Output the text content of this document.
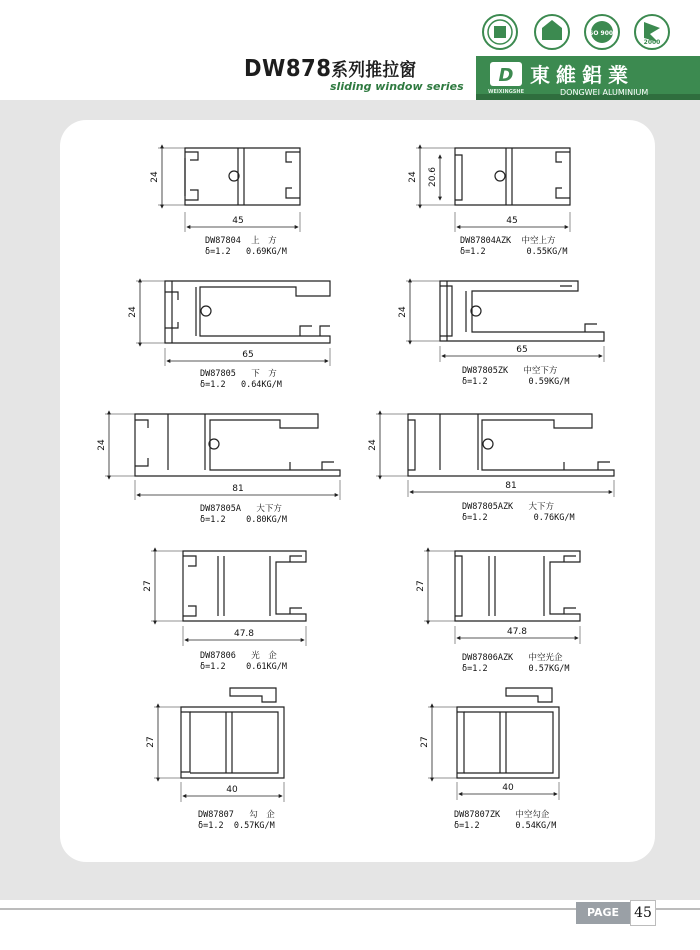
ISO 9001
2000
DW878系列推拉窗
sliding window series
D 東維鋁業
WEIXINGSHE	DONGWEI ALUMINIUM
45
24
45
24 20.6
65
24
65
24
81
24
81
24
47.8
27
47.8
27
40
27
40
27
DW87804 上　方
δ=1.2 0.69KG/M
DW87804AZK 中空上方
δ=1.2	0.55KG/M
DW87805 下　方
δ=1.2 0.64KG/M
DW87805ZK 中空下方
δ=1.2	0.59KG/M
DW87805A 大下方
δ=1.2 0.80KG/M
DW87805AZK 大下方
δ=1.2	0.76KG/M
DW87806 光　企
δ=1.2 0.61KG/M
DW87806AZK 中空光企
δ=1.2	0.57KG/M
DW87807 勾　企
δ=1.2 0.57KG/M
DW87807ZK 中空勾企
δ=1.2	0.54KG/M
PAGE	45
